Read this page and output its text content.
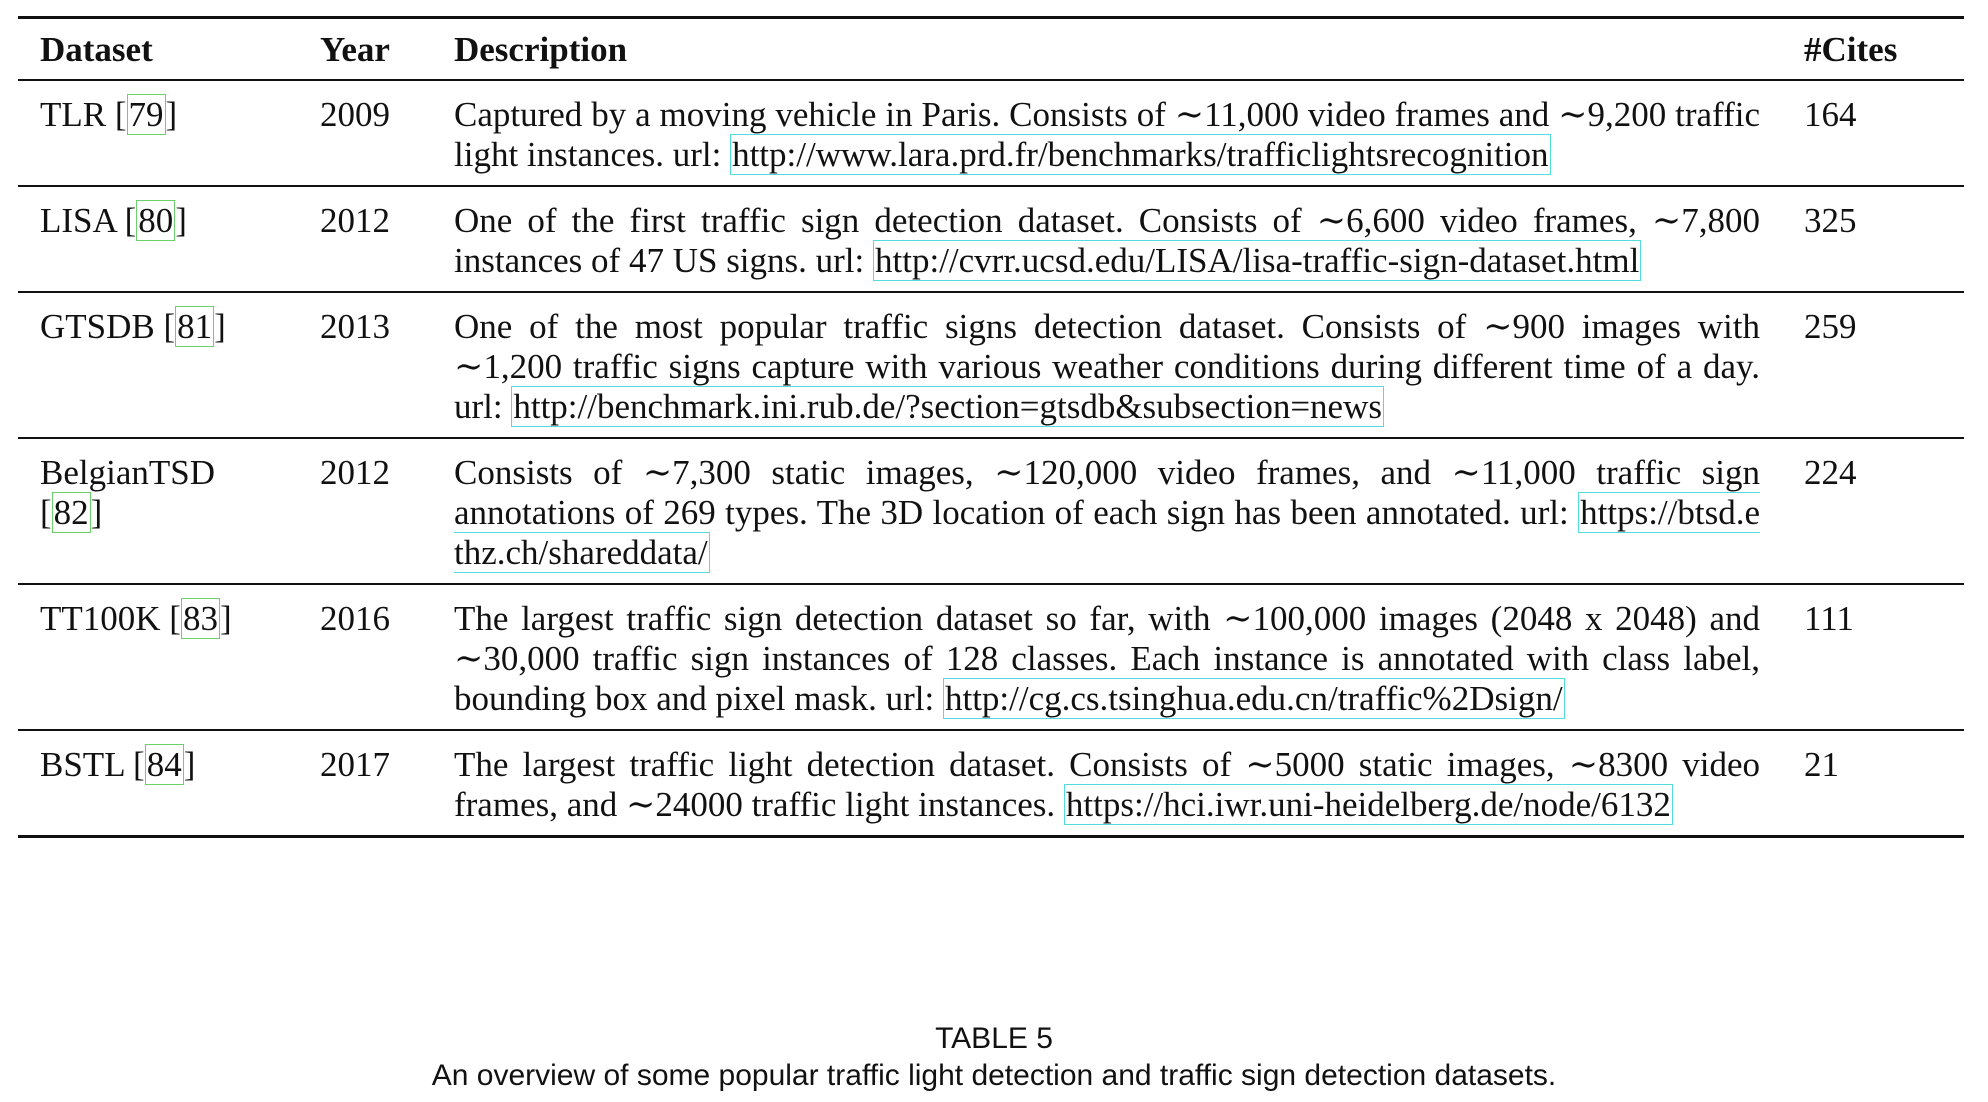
Dataset	Year	Description	#Cites
TLR [79]	2009	Captured by a moving vehicle in Paris. Consists of ∼11,000 video frames and ∼9,200 traffic light instances. url: http://www.lara.prd.fr/benchmarks/trafficlightsrecognition	164
LISA [80]	2012	One of the first traffic sign detection dataset. Consists of ∼6,600 video frames, ∼7,800 instances of 47 US signs. url: http://cvrr.ucsd.edu/LISA/lisa-traffic-sign-dataset.html	325
GTSDB [81]	2013	One of the most popular traffic signs detection dataset. Consists of ∼900 images with ∼1,200 traffic signs capture with various weather conditions during different time of a day. url: http://benchmark.ini.rub.de/?section=gtsdb&subsection=news	259
BelgianTSD [82]	2012	Consists of ∼7,300 static images, ∼120,000 video frames, and ∼11,000 traffic sign annotations of 269 types. The 3D location of each sign has been annotated. url: https://btsd.ethz.ch/shareddata/	224
TT100K [83]	2016	The largest traffic sign detection dataset so far, with ∼100,000 images (2048 x 2048) and ∼30,000 traffic sign instances of 128 classes. Each instance is annotated with class label, bounding box and pixel mask. url: http://cg.cs.tsinghua.edu.cn/traffic%2Dsign/	111
BSTL [84]	2017	The largest traffic light detection dataset. Consists of ∼5000 static images, ∼8300 video frames, and ∼24000 traffic light instances. https://hci.iwr.uni-heidelberg.de/node/6132	21
TABLE 5
An overview of some popular traffic light detection and traffic sign detection datasets.
